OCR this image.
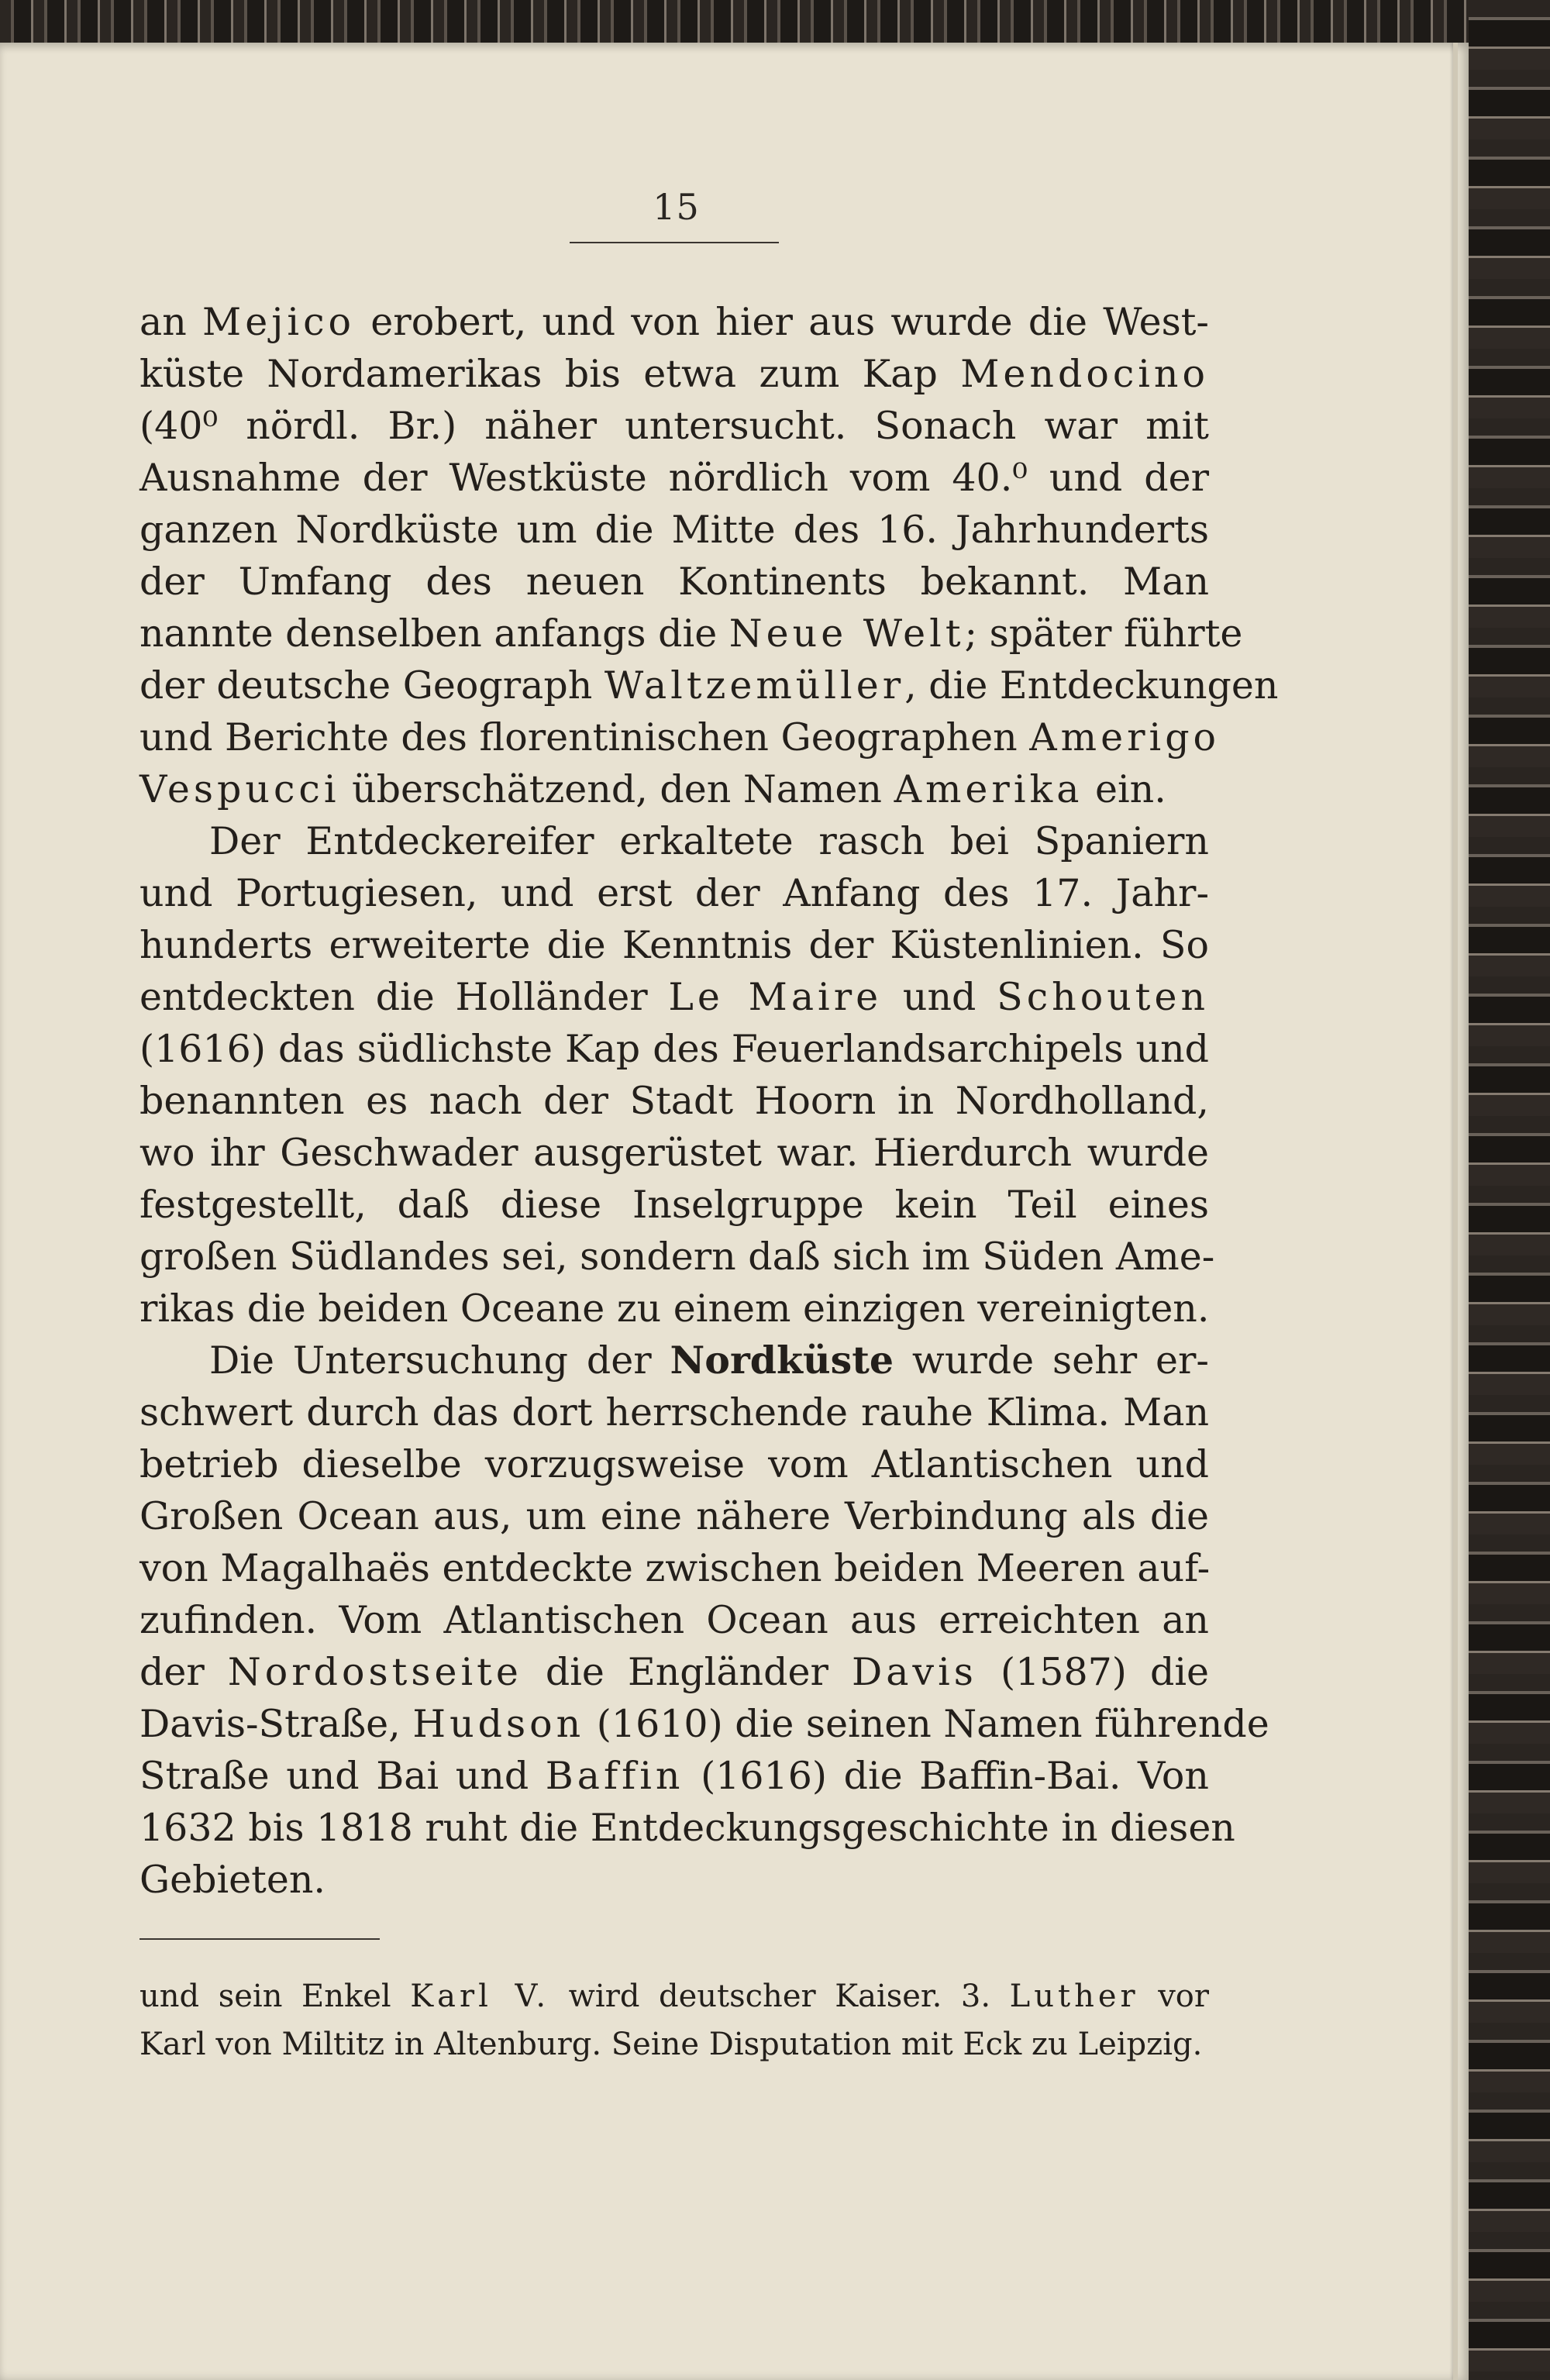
15
an Mejico erobert, und von hier aus wurde die West-
küste Nordamerikas bis etwa zum Kap Mendocino
(40⁰ nördl. Br.) näher untersucht. Sonach war mit
Ausnahme der Westküste nördlich vom 40.⁰ und der
ganzen Nordküste um die Mitte des 16. Jahrhunderts
der Umfang des neuen Kontinents bekannt. Man
nannte denselben anfangs die Neue Welt; später führte
der deutsche Geograph Waltzemüller, die Entdeckungen
und Berichte des florentinischen Geographen Amerigo
Vespucci überschätzend, den Namen Amerika ein.
Der Entdeckereifer erkaltete rasch bei Spaniern
und Portugiesen, und erst der Anfang des 17. Jahr-
hunderts erweiterte die Kenntnis der Küstenlinien. So
entdeckten die Holländer Le Maire und Schouten
(1616) das südlichste Kap des Feuerlandsarchipels und
benannten es nach der Stadt Hoorn in Nordholland,
wo ihr Geschwader ausgerüstet war. Hierdurch wurde
festgestellt, daß diese Inselgruppe kein Teil eines
großen Südlandes sei, sondern daß sich im Süden Ame-
rikas die beiden Oceane zu einem einzigen vereinigten.
Die Untersuchung der Nordküste wurde sehr er-
schwert durch das dort herrschende rauhe Klima. Man
betrieb dieselbe vorzugsweise vom Atlantischen und
Großen Ocean aus, um eine nähere Verbindung als die
von Magalhaës entdeckte zwischen beiden Meeren auf-
zufinden. Vom Atlantischen Ocean aus erreichten an
der Nordostseite die Engländer Davis (1587) die
Davis-Straße, Hudson (1610) die seinen Namen führende
Straße und Bai und Baffin (1616) die Baffin-Bai. Von
1632 bis 1818 ruht die Entdeckungsgeschichte in diesen
Gebieten.
und sein Enkel Karl V. wird deutscher Kaiser. 3. Luther vor
Karl von Miltitz in Altenburg. Seine Disputation mit Eck zu Leipzig.
